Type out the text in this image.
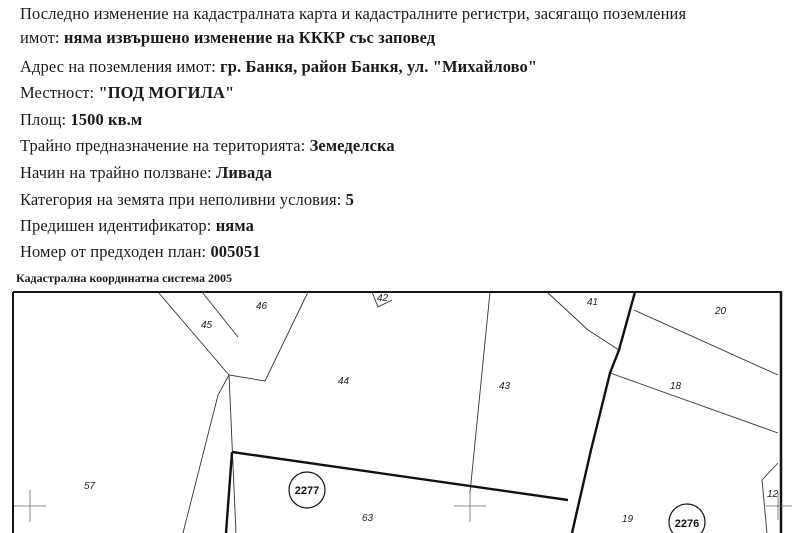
Последно изменение на кадастралната карта и кадастралните регистри, засягащо поземления
имот: няма извършено изменение на КККР със заповед
Адрес на поземления имот: гр. Банкя, район Банкя, ул. "Михайлово"
Местност: "ПОД МОГИЛА"
Площ: 1500 кв.м
Трайно предназначение на територията: Земеделска
Начин на трайно ползване: Ливада
Категория на земята при неполивни условия: 5
Предишен идентификатор: няма
Номер от предходен план: 005051
Кадастрална координатна система 2005
46
42	41
20
45
44	43	18
57
63	19
12
2277
2276
